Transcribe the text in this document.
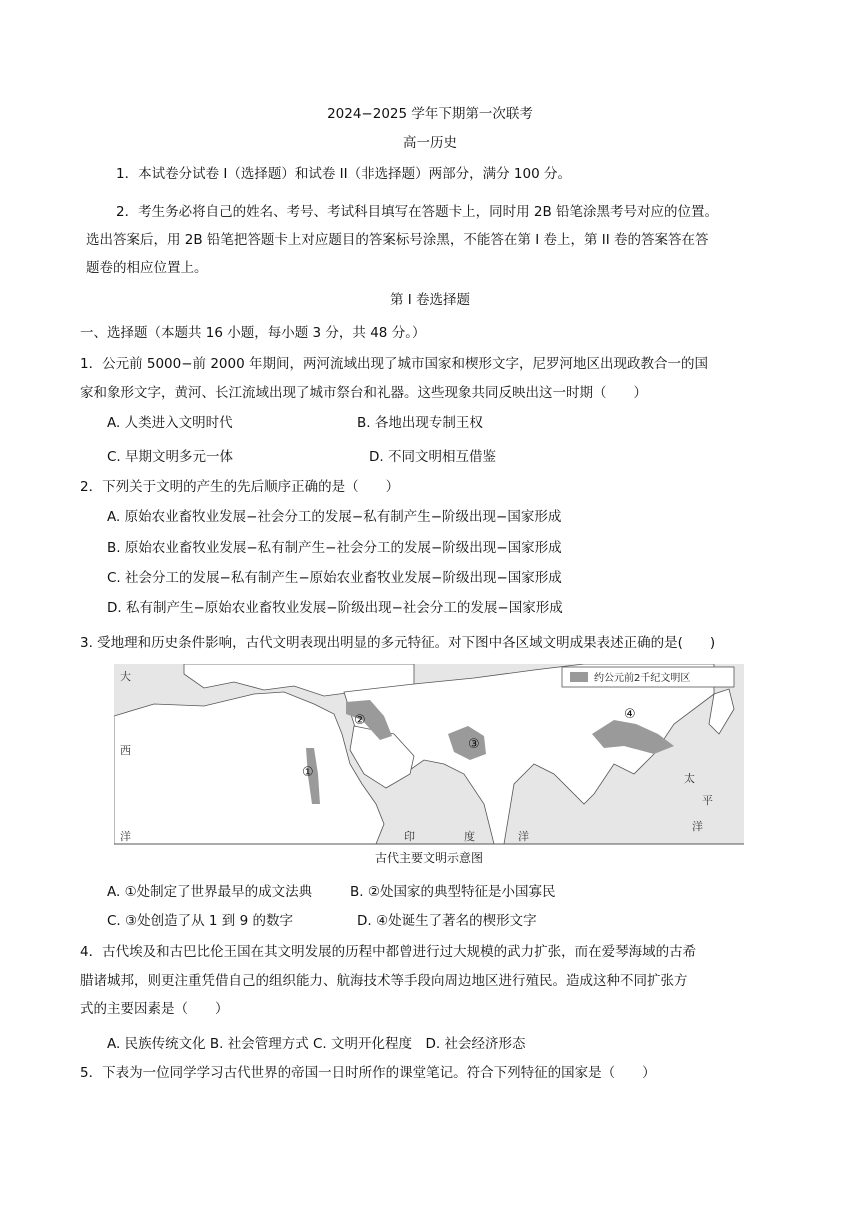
2024−2025 学年下期第一次联考
高一历史
1．本试卷分试卷 I（选择题）和试卷 II（非选择题）两部分，满分 100 分。
2．考生务必将自己的姓名、考号、考试科目填写在答题卡上，同时用 2B 铅笔涂黑考号对应的位置。
选出答案后，用 2B 铅笔把答题卡上对应题目的答案标号涂黑，不能答在第 I 卷上，第 II 卷的答案答在答
题卷的相应位置上。
第 I 卷选择题
一、选择题（本题共 16 小题，每小题 3 分，共 48 分。）
1．公元前 5000−前 2000 年期间，两河流域出现了城市国家和楔形文字，尼罗河地区出现政教合一的国
家和象形文字，黄河、长江流域出现了城市祭台和礼器。这些现象共同反映出这一时期（　　）
A. 人类进入文明时代	B. 各地出现专制王权
C. 早期文明多元一体	D. 不同文明相互借鉴
2．下列关于文明的产生的先后顺序正确的是（　　）
A. 原始农业畜牧业发展−社会分工的发展−私有制产生−阶级出现−国家形成
B. 原始农业畜牧业发展−私有制产生−社会分工的发展−阶级出现−国家形成
C. 社会分工的发展−私有制产生−原始农业畜牧业发展−阶级出现−国家形成
D. 私有制产生−原始农业畜牧业发展−阶级出现−社会分工的发展−国家形成
3. 受地理和历史条件影响，古代文明表现出明显的多元特征。对下图中各区域文明成果表述正确的是(　　)
约公元前2千纪文明区
①
②
③
④
大
西
洋	印	度	洋
太
平
洋
古代主要文明示意图
A. ①处制定了世界最早的成文法典	B. ②处国家的典型特征是小国寡民
C. ③处创造了从 1 到 9 的数字	D. ④处诞生了著名的楔形文字
4．古代埃及和古巴比伦王国在其文明发展的历程中都曾进行过大规模的武力扩张，而在爱琴海域的古希
腊诸城邦，则更注重凭借自己的组织能力、航海技术等手段向周边地区进行殖民。造成这种不同扩张方
式的主要因素是（　　）
A. 民族传统文化 B. 社会管理方式 C. 文明开化程度　D. 社会经济形态
5．下表为一位同学学习古代世界的帝国一日时所作的课堂笔记。符合下列特征的国家是（　　）
